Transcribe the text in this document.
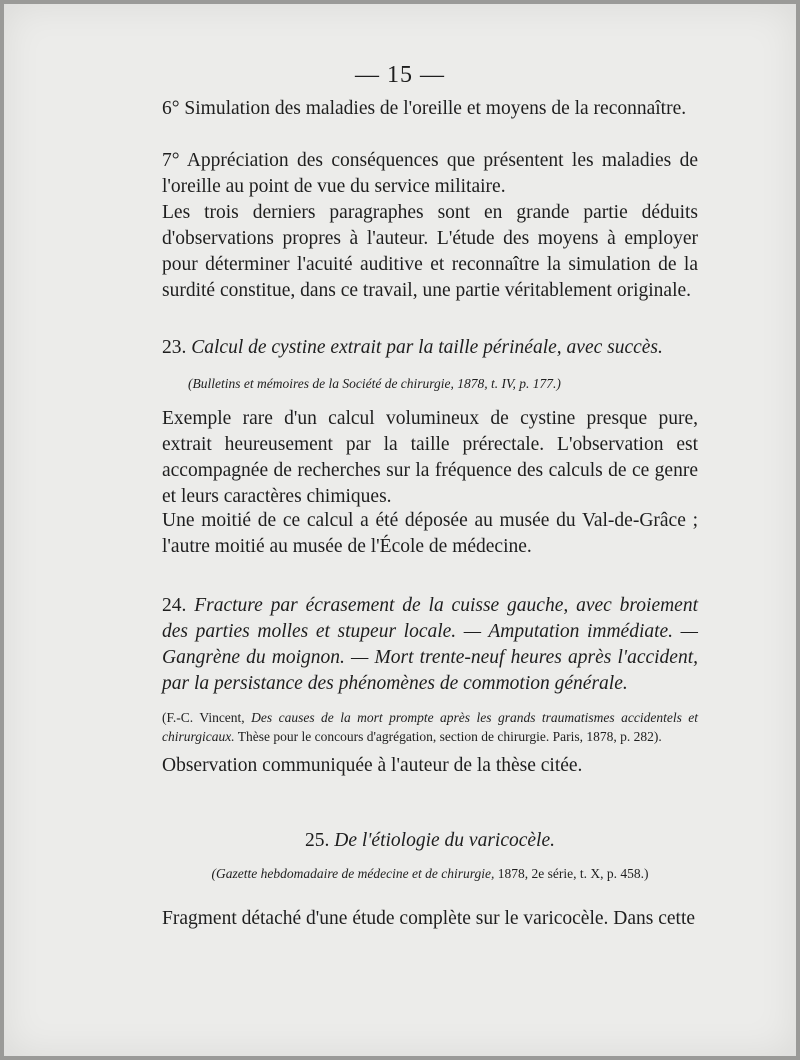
— 15 —

6° Simulation des maladies de l'oreille et moyens de la reconnaître.

7° Appréciation des conséquences que présentent les maladies de l'oreille au point de vue du service militaire.

Les trois derniers paragraphes sont en grande partie déduits d'observations propres à l'auteur. L'étude des moyens à employer pour déterminer l'acuité auditive et reconnaître la simulation de la surdité constitue, dans ce travail, une partie véritablement originale.

23. Calcul de cystine extrait par la taille périnéale, avec succès.
(Bulletins et mémoires de la Société de chirurgie, 1878, t. IV, p. 177.)

Exemple rare d'un calcul volumineux de cystine presque pure, extrait heureusement par la taille prérectale. L'observation est accompagnée de recherches sur la fréquence des calculs de ce genre et leurs caractères chimiques.

Une moitié de ce calcul a été déposée au musée du Val-de-Grâce ; l'autre moitié au musée de l'École de médecine.

24. Fracture par écrasement de la cuisse gauche, avec broiement des parties molles et stupeur locale. — Amputation immédiate. — Gangrène du moignon. — Mort trente-neuf heures après l'accident, par la persistance des phénomènes de commotion générale.

(F.-C. Vincent, Des causes de la mort prompte après les grands traumatismes accidentels et chirurgicaux. Thèse pour le concours d'agrégation, section de chirurgie. Paris, 1878, p. 282).

Observation communiquée à l'auteur de la thèse citée.

25. De l'étiologie du varicocèle.
(Gazette hebdomadaire de médecine et de chirurgie, 1878, 2e série, t. X, p. 458.)

Fragment détaché d'une étude complète sur le varicocèle. Dans cette
